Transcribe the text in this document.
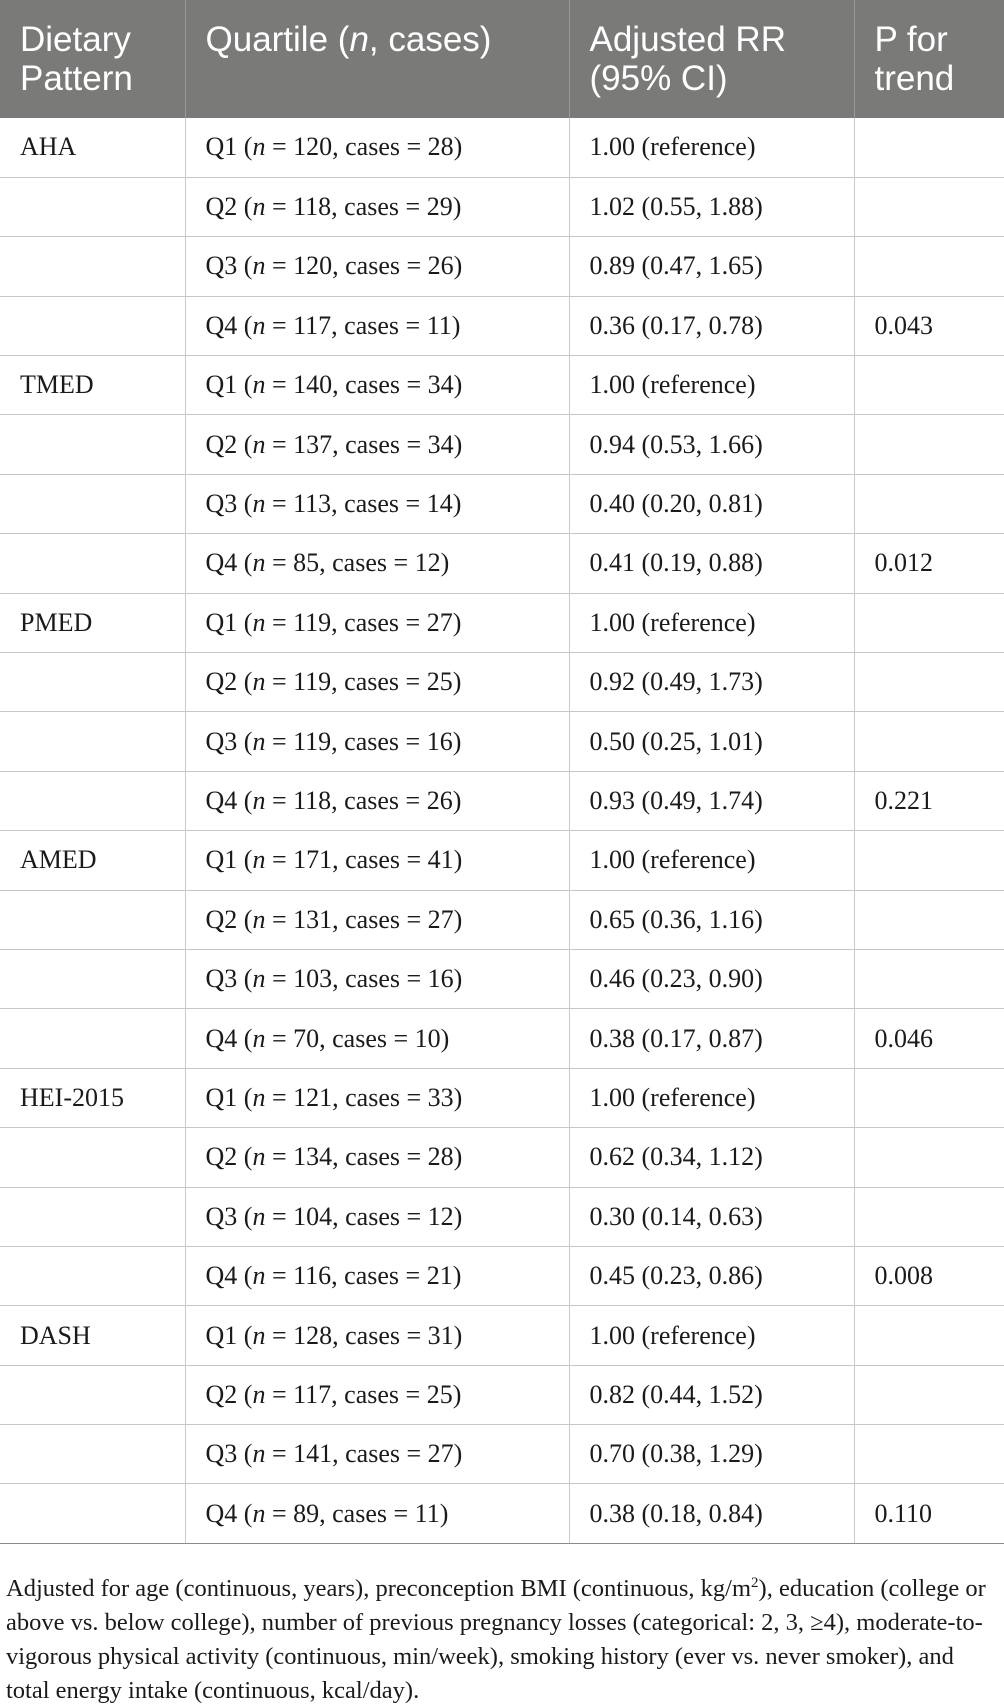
Dietary Pattern	Quartile (n, cases)	Adjusted RR (95% CI)	P for trend
AHA	Q1 (n = 120, cases = 28)	1.00 (reference)	
	Q2 (n = 118, cases = 29)	1.02 (0.55, 1.88)	
	Q3 (n = 120, cases = 26)	0.89 (0.47, 1.65)	
	Q4 (n = 117, cases = 11)	0.36 (0.17, 0.78)	0.043
TMED	Q1 (n = 140, cases = 34)	1.00 (reference)	
	Q2 (n = 137, cases = 34)	0.94 (0.53, 1.66)	
	Q3 (n = 113, cases = 14)	0.40 (0.20, 0.81)	
	Q4 (n = 85, cases = 12)	0.41 (0.19, 0.88)	0.012
PMED	Q1 (n = 119, cases = 27)	1.00 (reference)	
	Q2 (n = 119, cases = 25)	0.92 (0.49, 1.73)	
	Q3 (n = 119, cases = 16)	0.50 (0.25, 1.01)	
	Q4 (n = 118, cases = 26)	0.93 (0.49, 1.74)	0.221
AMED	Q1 (n = 171, cases = 41)	1.00 (reference)	
	Q2 (n = 131, cases = 27)	0.65 (0.36, 1.16)	
	Q3 (n = 103, cases = 16)	0.46 (0.23, 0.90)	
	Q4 (n = 70, cases = 10)	0.38 (0.17, 0.87)	0.046
HEI-2015	Q1 (n = 121, cases = 33)	1.00 (reference)	
	Q2 (n = 134, cases = 28)	0.62 (0.34, 1.12)	
	Q3 (n = 104, cases = 12)	0.30 (0.14, 0.63)	
	Q4 (n = 116, cases = 21)	0.45 (0.23, 0.86)	0.008
DASH	Q1 (n = 128, cases = 31)	1.00 (reference)	
	Q2 (n = 117, cases = 25)	0.82 (0.44, 1.52)	
	Q3 (n = 141, cases = 27)	0.70 (0.38, 1.29)	
	Q4 (n = 89, cases = 11)	0.38 (0.18, 0.84)	0.110

Adjusted for age (continuous, years), preconception BMI (continuous, $kg/m^2$), education (college or above vs. below college), number of previous pregnancy losses (categorical: 2, 3, ≥4), moderate-to-vigorous physical activity (continuous, min/week), smoking history (ever vs. never smoker), and total energy intake (continuous, kcal/day).
